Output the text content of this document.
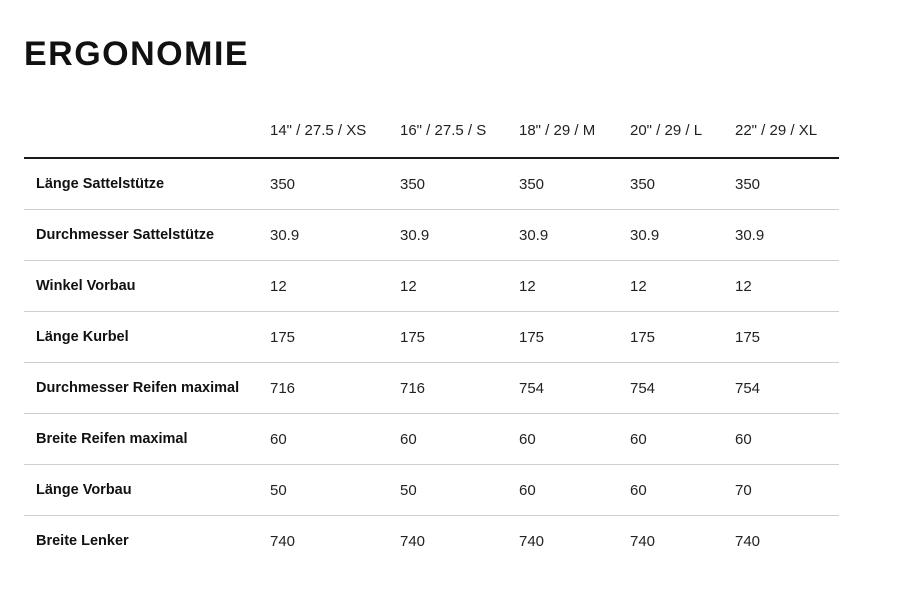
ERGONOMIE
	14" / 27.5 / XS	16" / 27.5 / S	18" / 29 / M	20" / 29 / L	22" / 29 / XL
Länge Sattelstütze	350	350	350	350	350
Durchmesser Sattelstütze	30.9	30.9	30.9	30.9	30.9
Winkel Vorbau	12	12	12	12	12
Länge Kurbel	175	175	175	175	175
Durchmesser Reifen maximal	716	716	754	754	754
Breite Reifen maximal	60	60	60	60	60
Länge Vorbau	50	50	60	60	70
Breite Lenker	740	740	740	740	740
